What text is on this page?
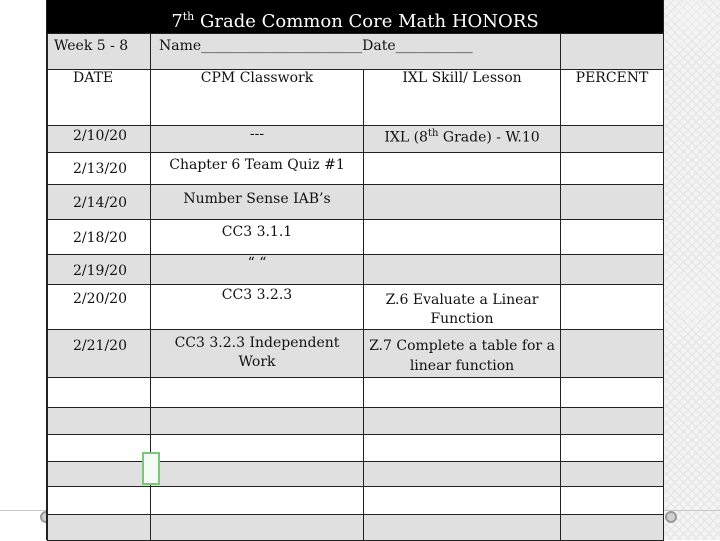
7th Grade Common Core Math HONORS
Week 5 - 8	Name_______________________Date___________		
DATE	CPM Classwork	IXL Skill/ Lesson	PERCENT
2/10/20	---	IXL (8th Grade) - W.10	
2/13/20	Chapter 6 Team Quiz #1		
2/14/20	Number Sense IAB’s		
2/18/20	CC3 3.1.1		
2/19/20	“ “		
2/20/20	CC3 3.2.3	Z.6 Evaluate a Linear Function	
2/21/20	CC3 3.2.3 Independent Work	Z.7 Complete a table for a linear function	
